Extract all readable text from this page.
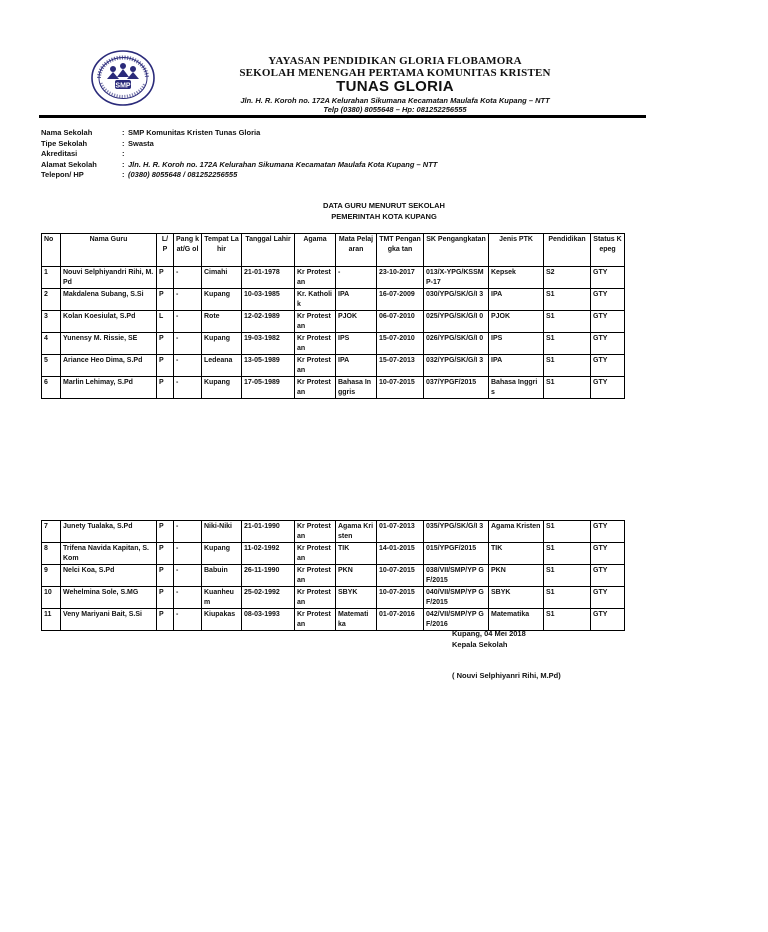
SMP
YAYASAN PENDIDIKAN GLORIA FLOBAMORA
SEKOLAH MENENGAH PERTAMA KOMUNITAS KRISTEN
TUNAS GLORIA
Jln. H. R. Koroh no. 172A Kelurahan Sikumana Kecamatan Maulafa Kota Kupang – NTT
Telp (0380) 8055648 – Hp: 081252256555
Nama Sekolah	: SMP Komunitas Kristen Tunas Gloria
Tipe Sekolah	: Swasta
Akreditasi	:
Alamat Sekolah	: Jln. H. R. Koroh no. 172A Kelurahan Sikumana Kecamatan Maulafa Kota Kupang – NTT
Telepon/ HP	: (0380) 8055648 / 081252256555
DATA GURU MENURUT SEKOLAH
PEMERINTAH KOTA KUPANG
No	Nama Guru	L/ P	Pang kat/G ol	Tempat Lahir	Tanggal Lahir	Agama	Mata Pelajaran	TMT Pengangka tan	SK Pengangkatan	Jenis PTK	Pendidikan	Status Kepeg
1	Nouvi Selphiyandri Rihi, M.Pd	P	-	Cimahi	21-01-1978	Kr Protestan	-	23-10-2017	013/X-YPG/KSSMP-17	Kepsek	S2	GTY
2	Makdalena Subang, S.Si	P	-	Kupang	10-03-1985	Kr. Katholik	IPA	16-07-2009	030/YPG/SK/G/I 3	IPA	S1	GTY
3	Kolan Koesiulat, S.Pd	L	-	Rote	12-02-1989	Kr Protestan	PJOK	06-07-2010	025/YPG/SK/G/I 0	PJOK	S1	GTY
4	Yunensy M. Rissie, SE	P	-	Kupang	19-03-1982	Kr Protestan	IPS	15-07-2010	026/YPG/SK/G/I 0	IPS	S1	GTY
5	Ariance Heo Dima, S.Pd	P	-	Ledeana	13-05-1989	Kr Protestan	IPA	15-07-2013	032/YPG/SK/G/I 3	IPA	S1	GTY
6	Marlin Lehimay, S.Pd	P	-	Kupang	17-05-1989	Kr Protestan	Bahasa Inggris	10-07-2015	037/YPGF/2015	Bahasa Inggris	S1	GTY
7	Junety Tualaka, S.Pd	P	-	Niki-Niki	21-01-1990	Kr Protestan	Agama Kristen	01-07-2013	035/YPG/SK/G/I 3	Agama Kristen	S1	GTY
8	Trifena Navida Kapitan, S.Kom	P	-	Kupang	11-02-1992	Kr Protestan	TIK	14-01-2015	015/YPGF/2015	TIK	S1	GTY
9	Nelci Koa, S.Pd	P	-	Babuin	26-11-1990	Kr Protestan	PKN	10-07-2015	038/VII/SMP/YP GF/2015	PKN	S1	GTY
10	Wehelmina Sole, S.MG	P	-	Kuanheu m	25-02-1992	Kr Protestan	SBYK	10-07-2015	040/VII/SMP/YP GF/2015	SBYK	S1	GTY
11	Veny Mariyani Bait, S.Si	P	-	Kiupakas	08-03-1993	Kr Protestan	Matemati ka	01-07-2016	042/VII/SMP/YP GF/2016	Matematika	S1	GTY
Kupang, 04 Mei 2018
Kepala Sekolah
( Nouvi Selphiyanri Rihi, M.Pd)
